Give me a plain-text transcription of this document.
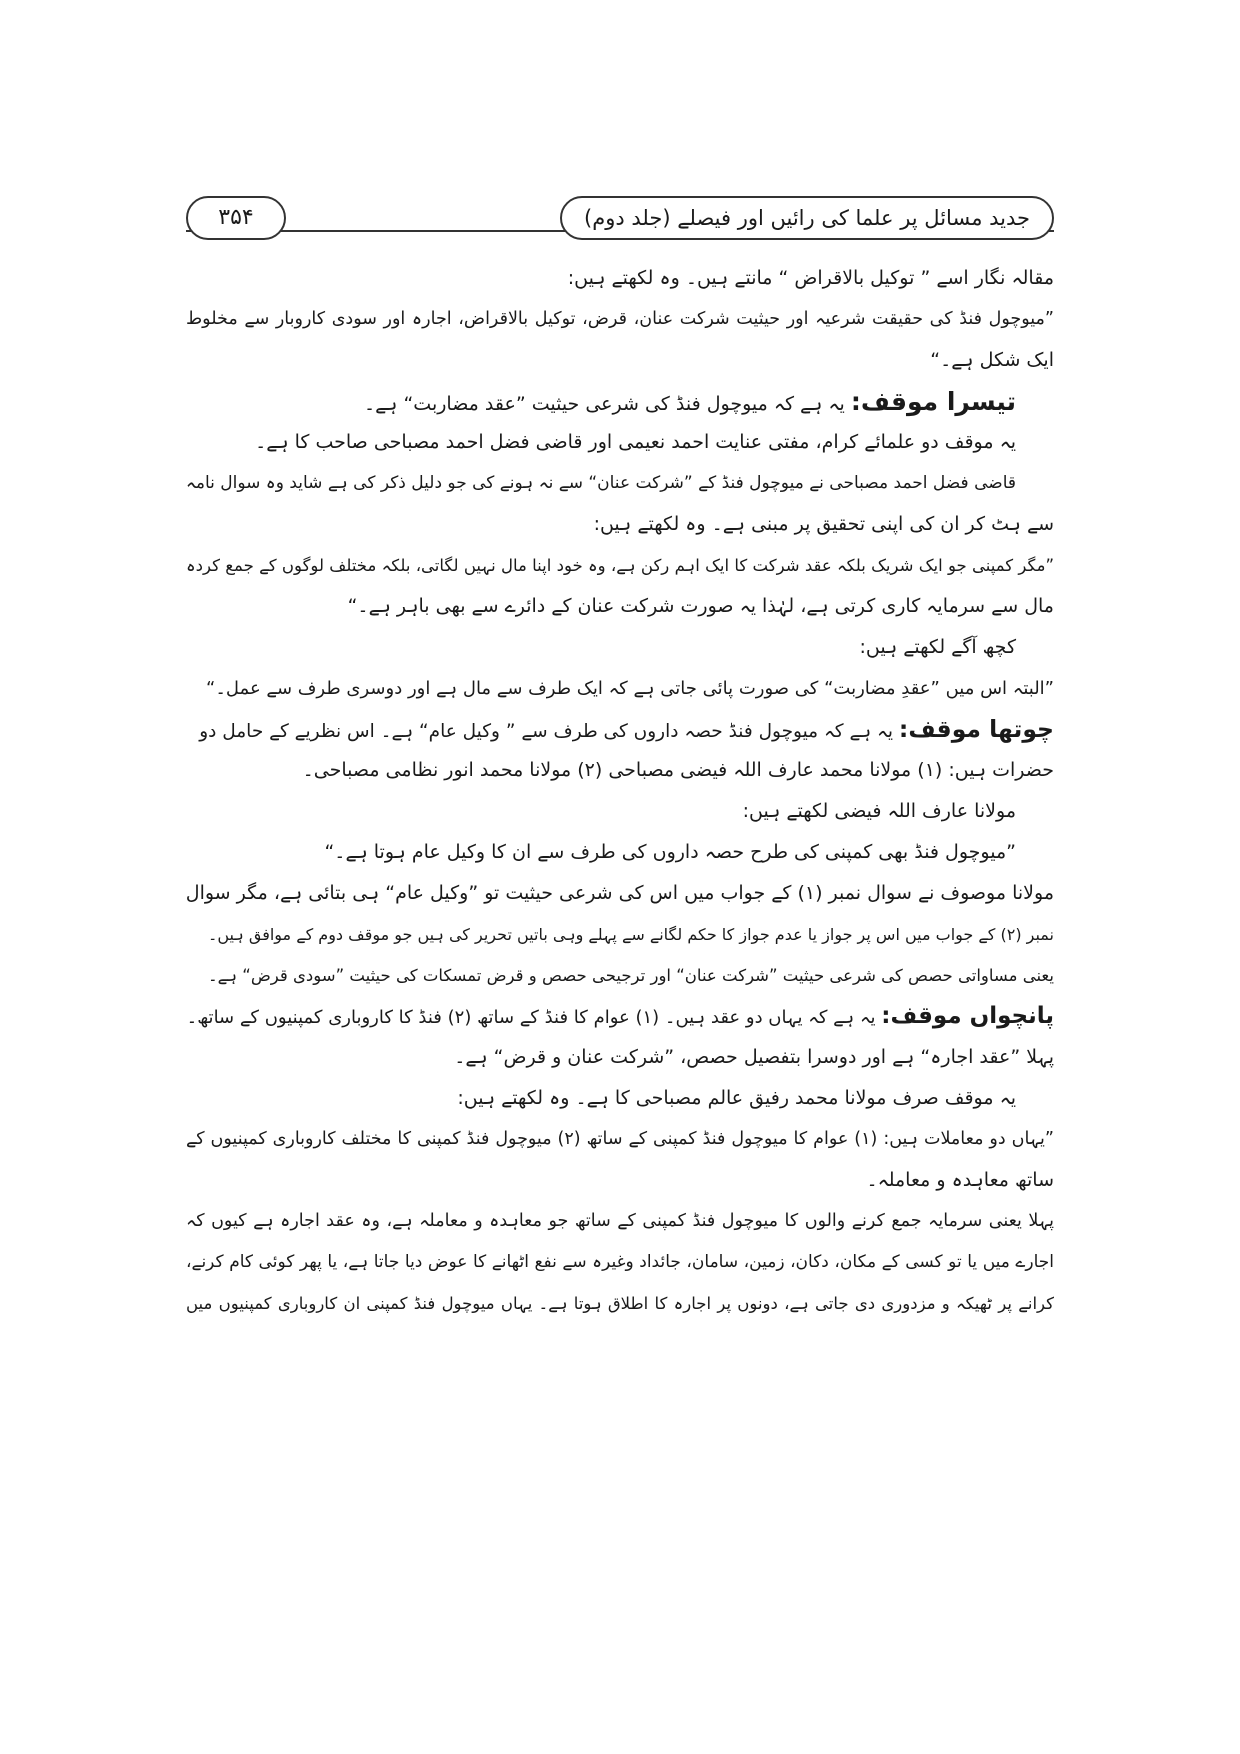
جدید مسائل پر علما کی رائیں اور فیصلے (جلد دوم)
۳۵۴
مقالہ نگار اسے ” توکیل بالاقراض “ مانتے ہیں۔ وہ لکھتے ہیں:
”میوچول فنڈ کی حقیقت شرعیہ اور حیثیت شرکت عنان، قرض، توکیل بالاقراض، اجارہ اور سودی کاروبار سے مخلوط
ایک شکل ہے۔“
تیسرا موقف: یہ ہے کہ میوچول فنڈ کی شرعی حیثیت ”عقد مضاربت“ ہے۔
یہ موقف دو علمائے کرام، مفتی عنایت احمد نعیمی اور قاضی فضل احمد مصباحی صاحب کا ہے۔
قاضی فضل احمد مصباحی نے میوچول فنڈ کے ”شرکت عنان“ سے نہ ہونے کی جو دلیل ذکر کی ہے شاید وہ سوال نامہ
سے ہٹ کر ان کی اپنی تحقیق پر مبنی ہے۔ وہ لکھتے ہیں:
”مگر کمپنی جو ایک شریک بلکہ عقد شرکت کا ایک اہم رکن ہے، وہ خود اپنا مال نہیں لگاتی، بلکہ مختلف لوگوں کے جمع کردہ
مال سے سرمایہ کاری کرتی ہے، لہٰذا یہ صورت شرکت عنان کے دائرے سے بھی باہر ہے۔“
کچھ آگے لکھتے ہیں:
”البتہ اس میں ”عقدِ مضاربت“ کی صورت پائی جاتی ہے کہ ایک طرف سے مال ہے اور دوسری طرف سے عمل۔“
چوتھا موقف: یہ ہے کہ میوچول فنڈ حصہ داروں کی طرف سے ” وکیل عام“ ہے۔ اس نظریے کے حامل دو
حضرات ہیں: (۱) مولانا محمد عارف اللہ فیضی مصباحی (۲) مولانا محمد انور نظامی مصباحی۔
مولانا عارف اللہ فیضی لکھتے ہیں:
”میوچول فنڈ بھی کمپنی کی طرح حصہ داروں کی طرف سے ان کا وکیل عام ہوتا ہے۔“
مولانا موصوف نے سوال نمبر (۱) کے جواب میں اس کی شرعی حیثیت تو ”وکیل عام“ ہی بتائی ہے، مگر سوال
نمبر (۲) کے جواب میں اس پر جواز یا عدم جواز کا حکم لگانے سے پہلے وہی باتیں تحریر کی ہیں جو موقف دوم کے موافق ہیں۔
یعنی مساواتی حصص کی شرعی حیثیت ”شرکت عنان“ اور ترجیحی حصص و قرض تمسکات کی حیثیت ”سودی قرض“ ہے۔
پانچواں موقف: یہ ہے کہ یہاں دو عقد ہیں۔ (۱) عوام کا فنڈ کے ساتھ (۲) فنڈ کا کاروباری کمپنیوں کے ساتھ۔
پہلا ”عقد اجارہ“ ہے اور دوسرا بتفصیل حصص، ”شرکت عنان و قرض“ ہے۔
یہ موقف صرف مولانا محمد رفیق عالم مصباحی کا ہے۔ وہ لکھتے ہیں:
”یہاں دو معاملات ہیں: (۱) عوام کا میوچول فنڈ کمپنی کے ساتھ (۲) میوچول فنڈ کمپنی کا مختلف کاروباری کمپنیوں کے
ساتھ معاہدہ و معاملہ۔
پہلا یعنی سرمایہ جمع کرنے والوں کا میوچول فنڈ کمپنی کے ساتھ جو معاہدہ و معاملہ ہے، وہ عقد اجارہ ہے کیوں کہ
اجارے میں یا تو کسی کے مکان، دکان، زمین، سامان، جائداد وغیرہ سے نفع اٹھانے کا عوض دیا جاتا ہے، یا پھر کوئی کام کرنے،
کرانے پر ٹھیکہ و مزدوری دی جاتی ہے، دونوں پر اجارہ کا اطلاق ہوتا ہے۔ یہاں میوچول فنڈ کمپنی ان کاروباری کمپنیوں میں
